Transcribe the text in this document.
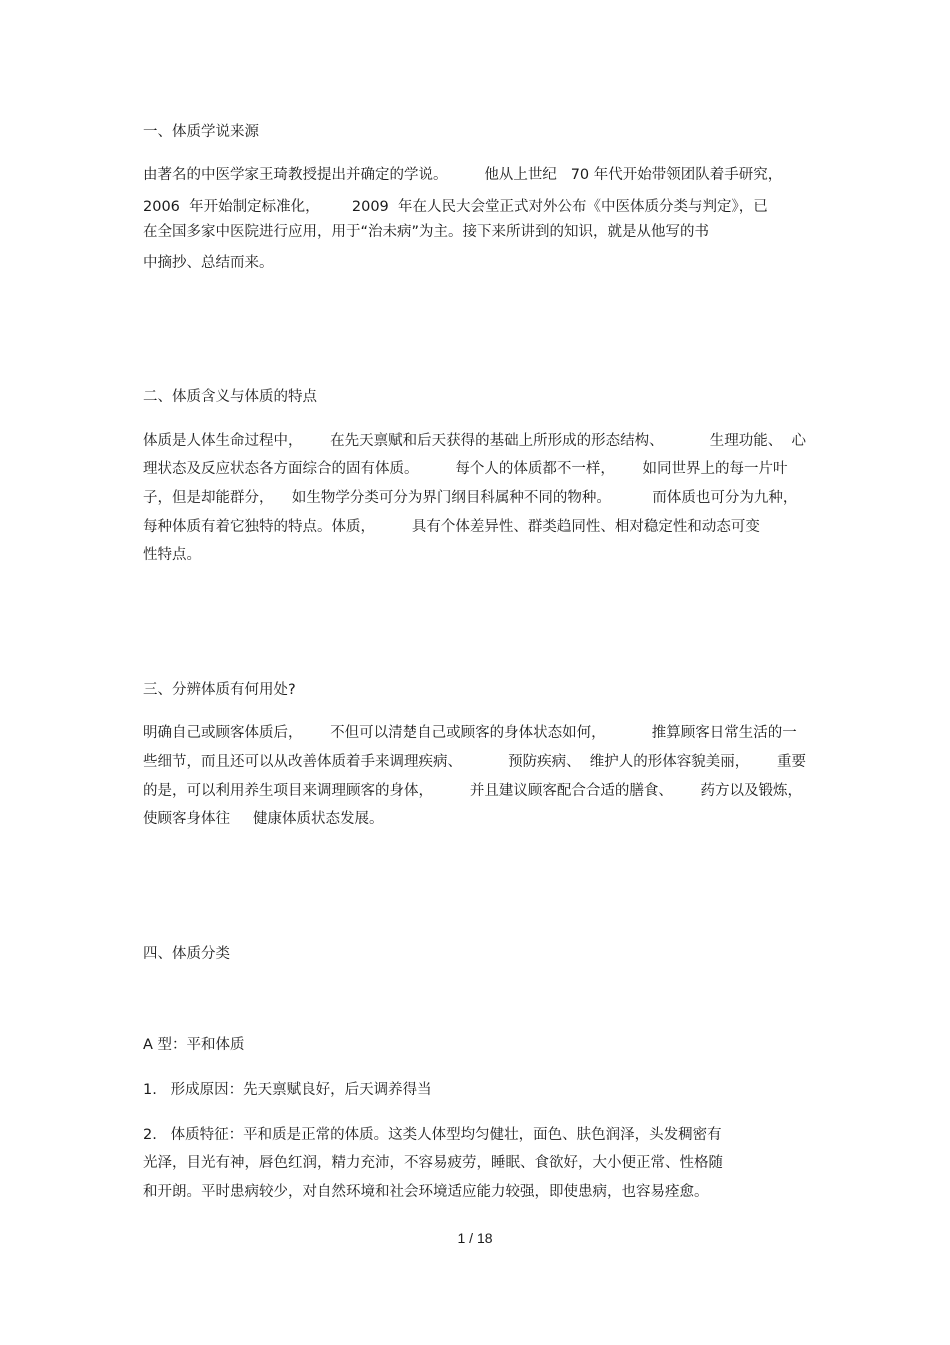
一、体质学说来源
由著名的中医学家王琦教授提出并确定的学说。        他从上世纪   70 年代开始带领团队着手研究，
2006  年开始制定标准化，       2009  年在人民大会堂正式对外公布《中医体质分类与判定》，已
在全国多家中医院进行应用，用于“治未病”为主。接下来所讲到的知识，就是从他写的书
中摘抄、总结而来。
二、体质含义与体质的特点
体质是人体生命过程中，      在先天禀赋和后天获得的基础上所形成的形态结构、          生理功能、  心
理状态及反应状态各方面综合的固有体质。        每个人的体质都不一样，      如同世界上的每一片叶
子，但是却能群分，    如生物学分类可分为界门纲目科属种不同的物种。         而体质也可分为九种，
每种体质有着它独特的特点。体质，        具有个体差异性、群类趋同性、相对稳定性和动态可变
性特点。
三、分辨体质有何用处?
明确自己或顾客体质后，      不但可以清楚自己或顾客的身体状态如何，          推算顾客日常生活的一
些细节，而且还可以从改善体质着手来调理疾病、          预防疾病、  维护人的形体容貌美丽，      重要
的是，可以利用养生项目来调理顾客的身体，        并且建议顾客配合合适的膳食、      药方以及锻炼，
使顾客身体往     健康体质状态发展。
四、体质分类
A 型：平和体质
1.   形成原因：先天禀赋良好，后天调养得当
2.   体质特征：平和质是正常的体质。这类人体型均匀健壮，面色、肤色润泽，头发稠密有
光泽，目光有神，唇色红润，精力充沛，不容易疲劳，睡眠、食欲好，大小便正常、性格随
和开朗。平时患病较少，对自然环境和社会环境适应能力较强，即使患病，也容易痊愈。
1 / 18
